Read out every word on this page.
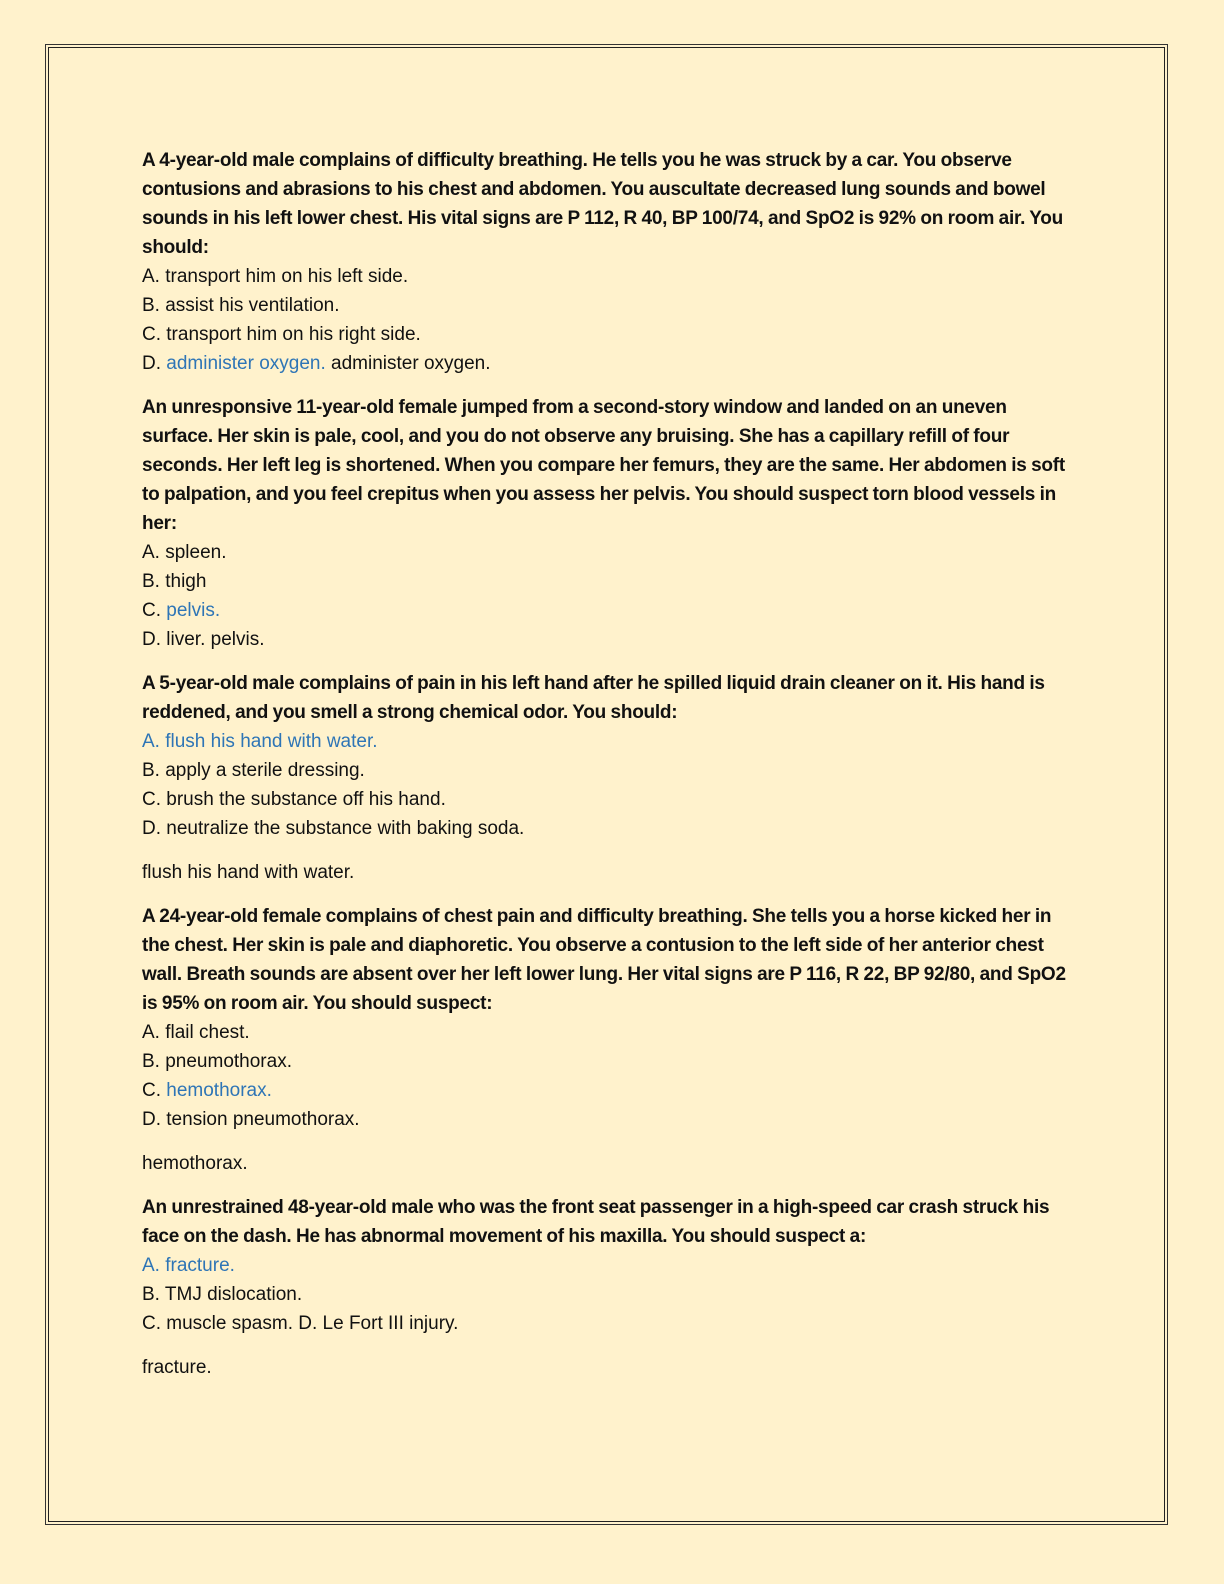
A 4-year-old male complains of difficulty breathing. He tells you he was struck by a car. You observe contusions and abrasions to his chest and abdomen. You auscultate decreased lung sounds and bowel sounds in his left lower chest. His vital signs are P 112, R 40, BP 100/74, and SpO2 is 92% on room air. You should:

A. transport him on his left side.

B. assist his ventilation.

C. transport him on his right side.

D. administer oxygen. administer oxygen.

An unresponsive 11-year-old female jumped from a second-story window and landed on an uneven surface. Her skin is pale, cool, and you do not observe any bruising. She has a capillary refill of four seconds. Her left leg is shortened. When you compare her femurs, they are the same. Her abdomen is soft to palpation, and you feel crepitus when you assess her pelvis. You should suspect torn blood vessels in her:

A. spleen.

B. thigh

C. pelvis.

D. liver. pelvis.

A 5-year-old male complains of pain in his left hand after he spilled liquid drain cleaner on it. His hand is reddened, and you smell a strong chemical odor. You should:

A. flush his hand with water.

B. apply a sterile dressing.

C. brush the substance off his hand.

D. neutralize the substance with baking soda.

flush his hand with water.

A 24-year-old female complains of chest pain and difficulty breathing. She tells you a horse kicked her in the chest. Her skin is pale and diaphoretic. You observe a contusion to the left side of her anterior chest wall. Breath sounds are absent over her left lower lung. Her vital signs are P 116, R 22, BP 92/80, and SpO2 is 95% on room air. You should suspect:

A. flail chest.

B. pneumothorax.

C. hemothorax.

D. tension pneumothorax.

hemothorax.

An unrestrained 48-year-old male who was the front seat passenger in a high-speed car crash struck his face on the dash. He has abnormal movement of his maxilla. You should suspect a:

A. fracture.

B. TMJ dislocation.

C. muscle spasm. D. Le Fort III injury.

fracture.
